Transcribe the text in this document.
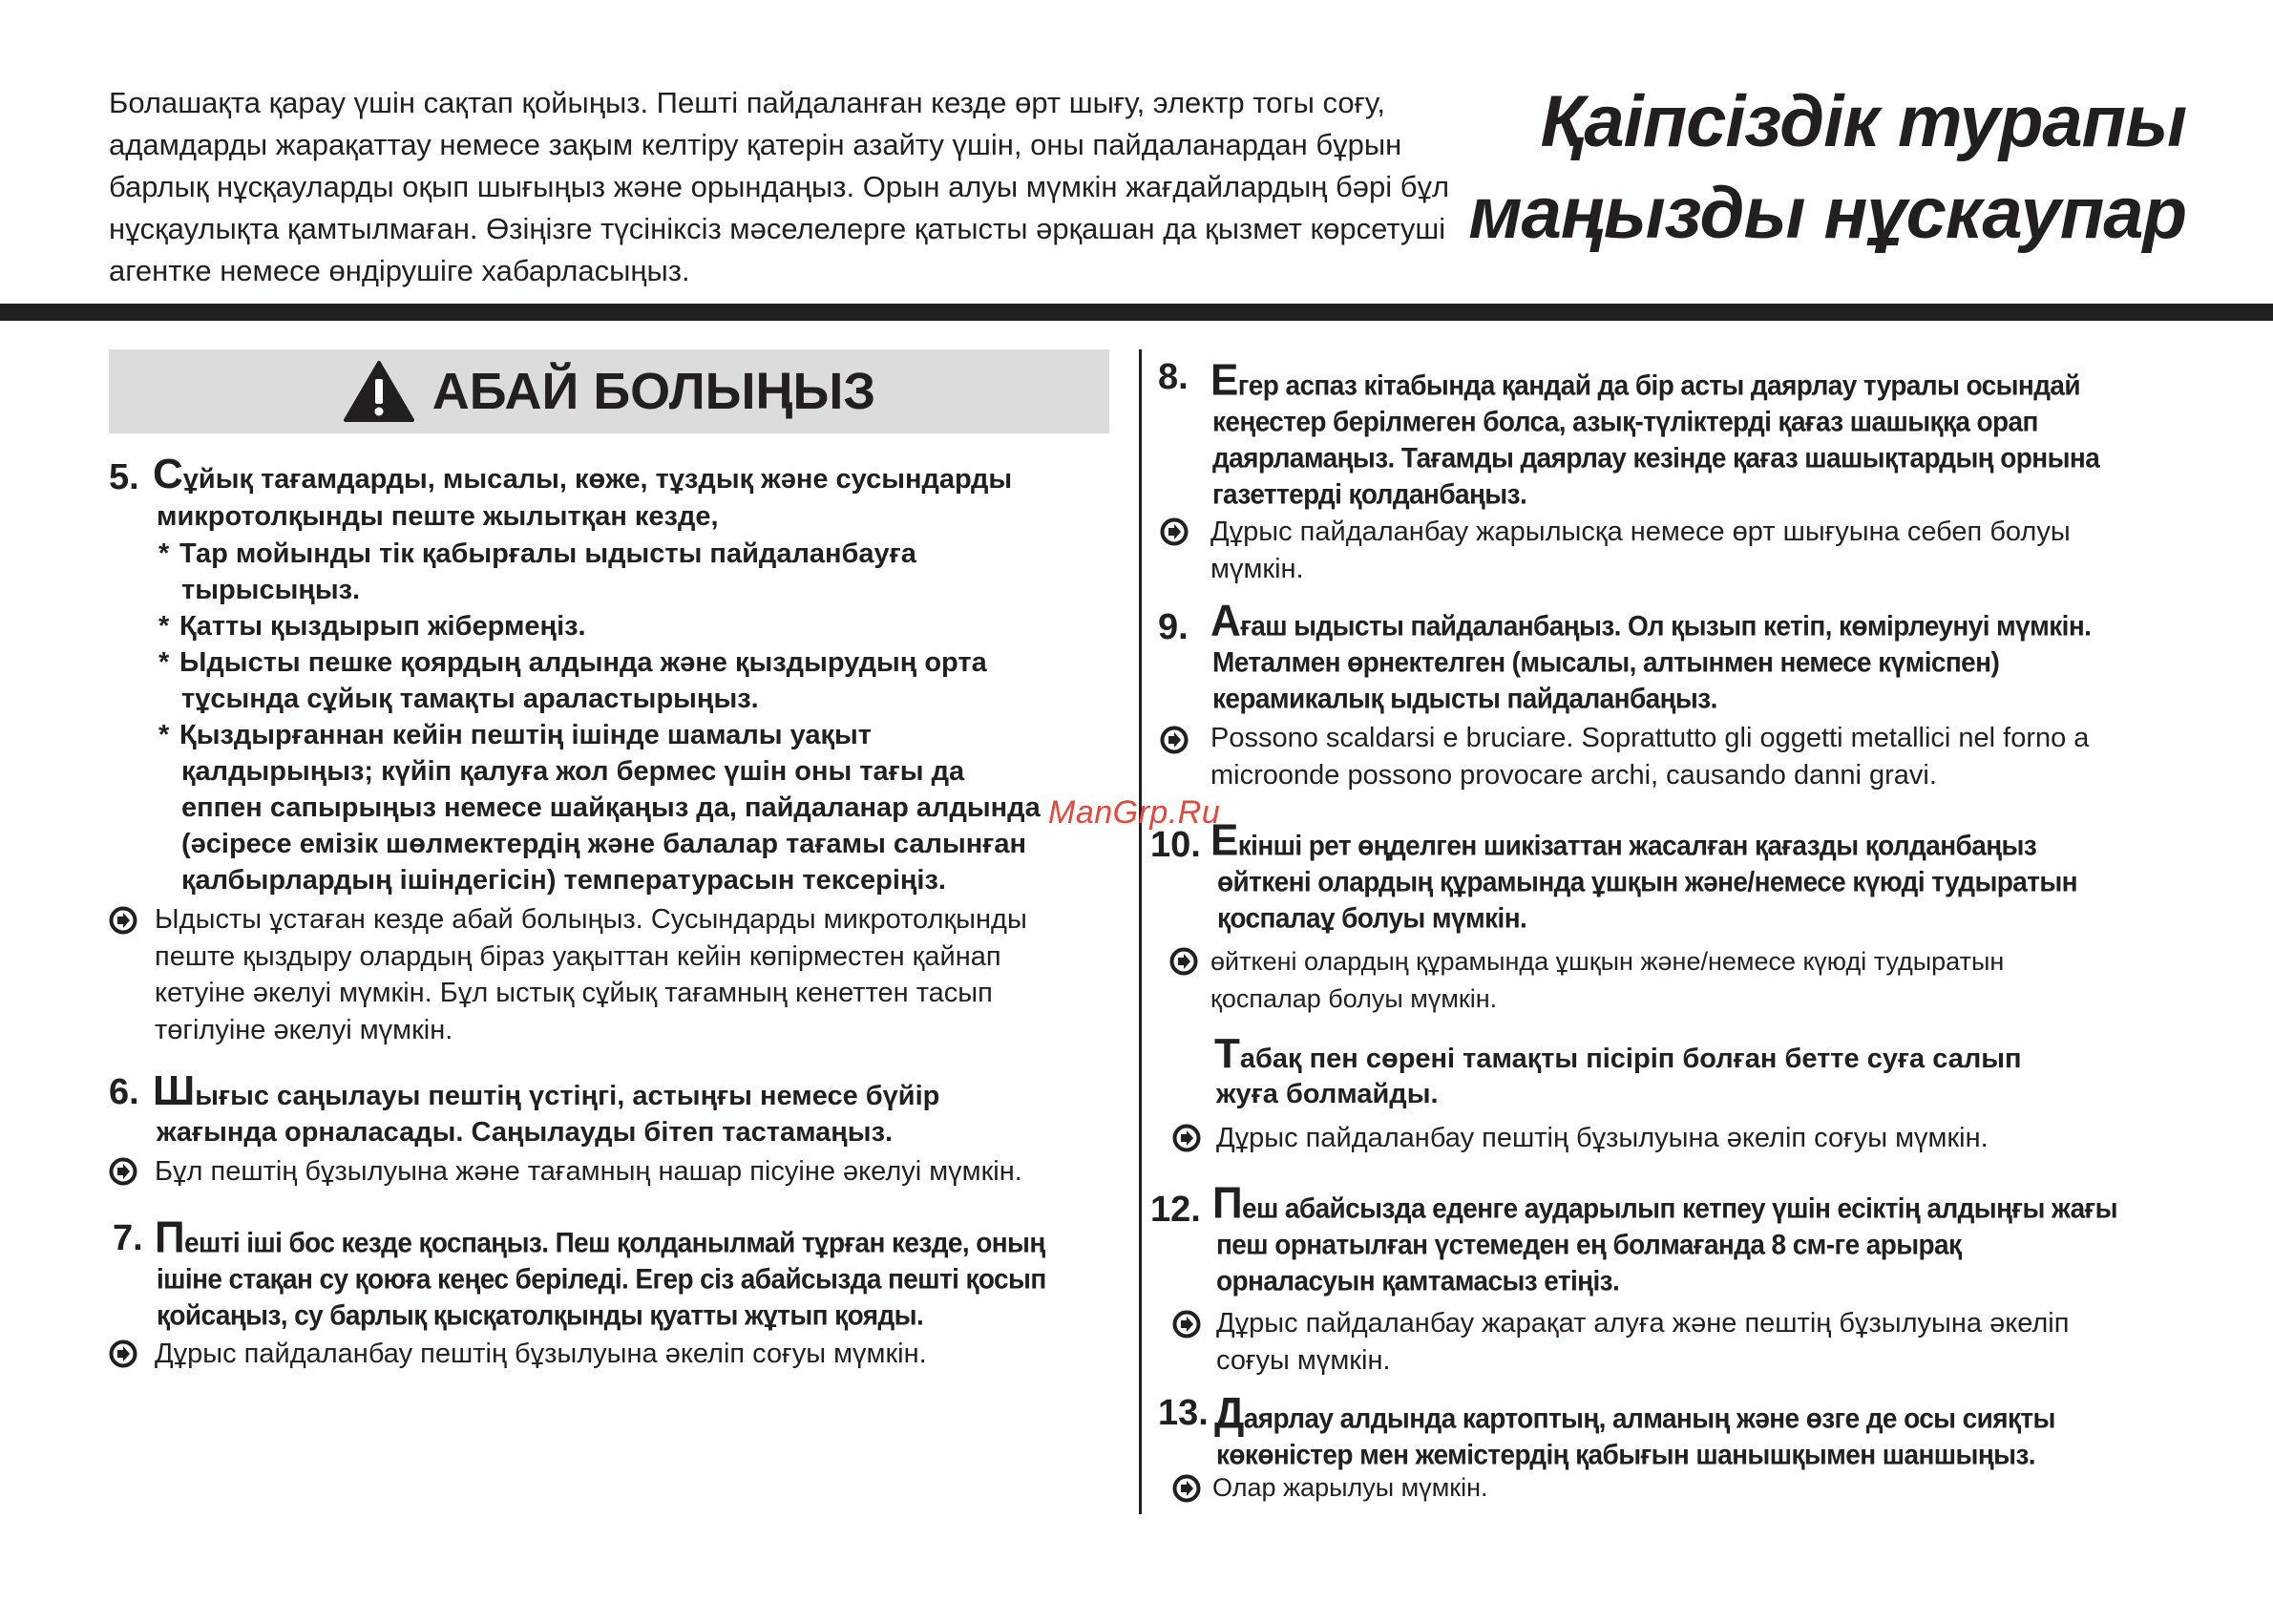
Болашақта қарау үшін сақтап қойыңыз. Пешті пайдаланған кезде өрт шығу, электр тогы соғу, адамдарды жарақаттау немесе зақым келтіру қатерін азайту үшін, оны пайдаланардан бұрын барлық нұсқауларды оқып шығыңыз және орындаңыз. Орын алуы мүмкін жағдайлардың бәрі бұл нұсқаулықта қамтылмаған. Өзіңізге түсініксіз мәселелерге қатысты әрқашан да қызмет көрсетуші агентке немесе өндірушіге хабарласыңыз.
Қаіпсіздік турапы
маңызды нұскаупар
АБАЙ БОЛЫҢЫЗ
ManGrp.Ru
5. Сұйық тағамдарды, мысалы, көже, тұздық және сусындарды
микротолқынды пеште жылытқан кезде,
* Тар мойынды тік қабырғалы ыдысты пайдаланбауға
тырысыңыз.
* Қатты қыздырып жібермеңіз.
* Ыдысты пешке қоярдың алдында және қыздырудың орта
тұсында сұйық тамақты араластырыңыз.
* Қыздырғаннан кейін пештің ішінде шамалы уақыт
қалдырыңыз; күйіп қалуға жол бермес үшін оны тағы да
еппен сапырыңыз немесе шайқаңыз да, пайдаланар алдында
(әсіресе емізік шөлмектердің және балалар тағамы салынған
қалбырлардың ішіндегісін) температурасын тексеріңіз.
Ыдысты ұстаған кезде абай болыңыз. Сусындарды микротолқынды пеште қыздыру олардың біраз уақыттан кейін көпірместен қайнап кетуіне әкелуі мүмкін. Бұл ыстық сұйық тағамның кенеттен тасып төгілуіне әкелуі мүмкін.
6. Шығыс саңылауы пештің үстіңгі, астыңғы немесе бүйір
жағында орналасады. Саңылауды бітеп тастамаңыз.
Бұл пештің бұзылуына және тағамның нашар пісуіне әкелуі мүмкін.
7. Пешті іші бос кезде қоспаңыз. Пеш қолданылмай тұрған кезде, оның
ішіне стақан су қоюға кеңес беріледі. Егер сіз абайсызда пешті қосып
қойсаңыз, су барлық қысқатолқынды қуатты жұтып қояды.
Дұрыс пайдаланбау пештің бұзылуына әкеліп соғуы мүмкін.
8. Егер аспаз кітабында қандай да бір асты даярлау туралы осындай
кеңестер берілмеген болса, азық-түліктерді қағаз шашыққа орап
даярламаңыз. Тағамды даярлау кезінде қағаз шашықтардың орнына
газеттерді қолданбаңыз.
Дұрыс пайдаланбау жарылысқа немесе өрт шығуына себеп болуы мүмкін.
9. Ағаш ыдысты пайдаланбаңыз. Ол қызып кетіп, көмірлеунуі мүмкін.
Металмен өрнектелген (мысалы, алтынмен немесе күміспен)
керамикалық ыдысты пайдаланбаңыз.
Possono scaldarsi e bruciare. Soprattutto gli oggetti metallici nel forno a microonde possono provocare archi, causando danni gravi.
10. Екінші рет өңделген шикізаттан жасалған қағазды қолданбаңыз
өйткені олардың құрамында ұшқын және/немесе күюді тудыратын
қоспалаұ болуы мүмкін.
өйткені олардың құрамында ұшқын және/немесе күюді тудыратын қоспалар болуы мүмкін.
Табақ пен сөрені тамақты пісіріп болған бетте суға салып
жуға болмайды.
Дұрыс пайдаланбау пештің бұзылуына әкеліп соғуы мүмкін.
12. Пеш абайсызда еденге аударылып кетпеу үшін есіктің алдыңғы жағы
пеш орнатылған үстемеден ең болмағанда 8 см-ге арырақ
орналасуын қамтамасыз етіңіз.
Дұрыс пайдаланбау жарақат алуға және пештің бұзылуына әкеліп соғуы мүмкін.
13. Даярлау алдында картоптың, алманың және өзге де осы сияқты
көкөністер мен жемістердің қабығын шанышқымен шаншыңыз.
Олар жарылуы мүмкін.
